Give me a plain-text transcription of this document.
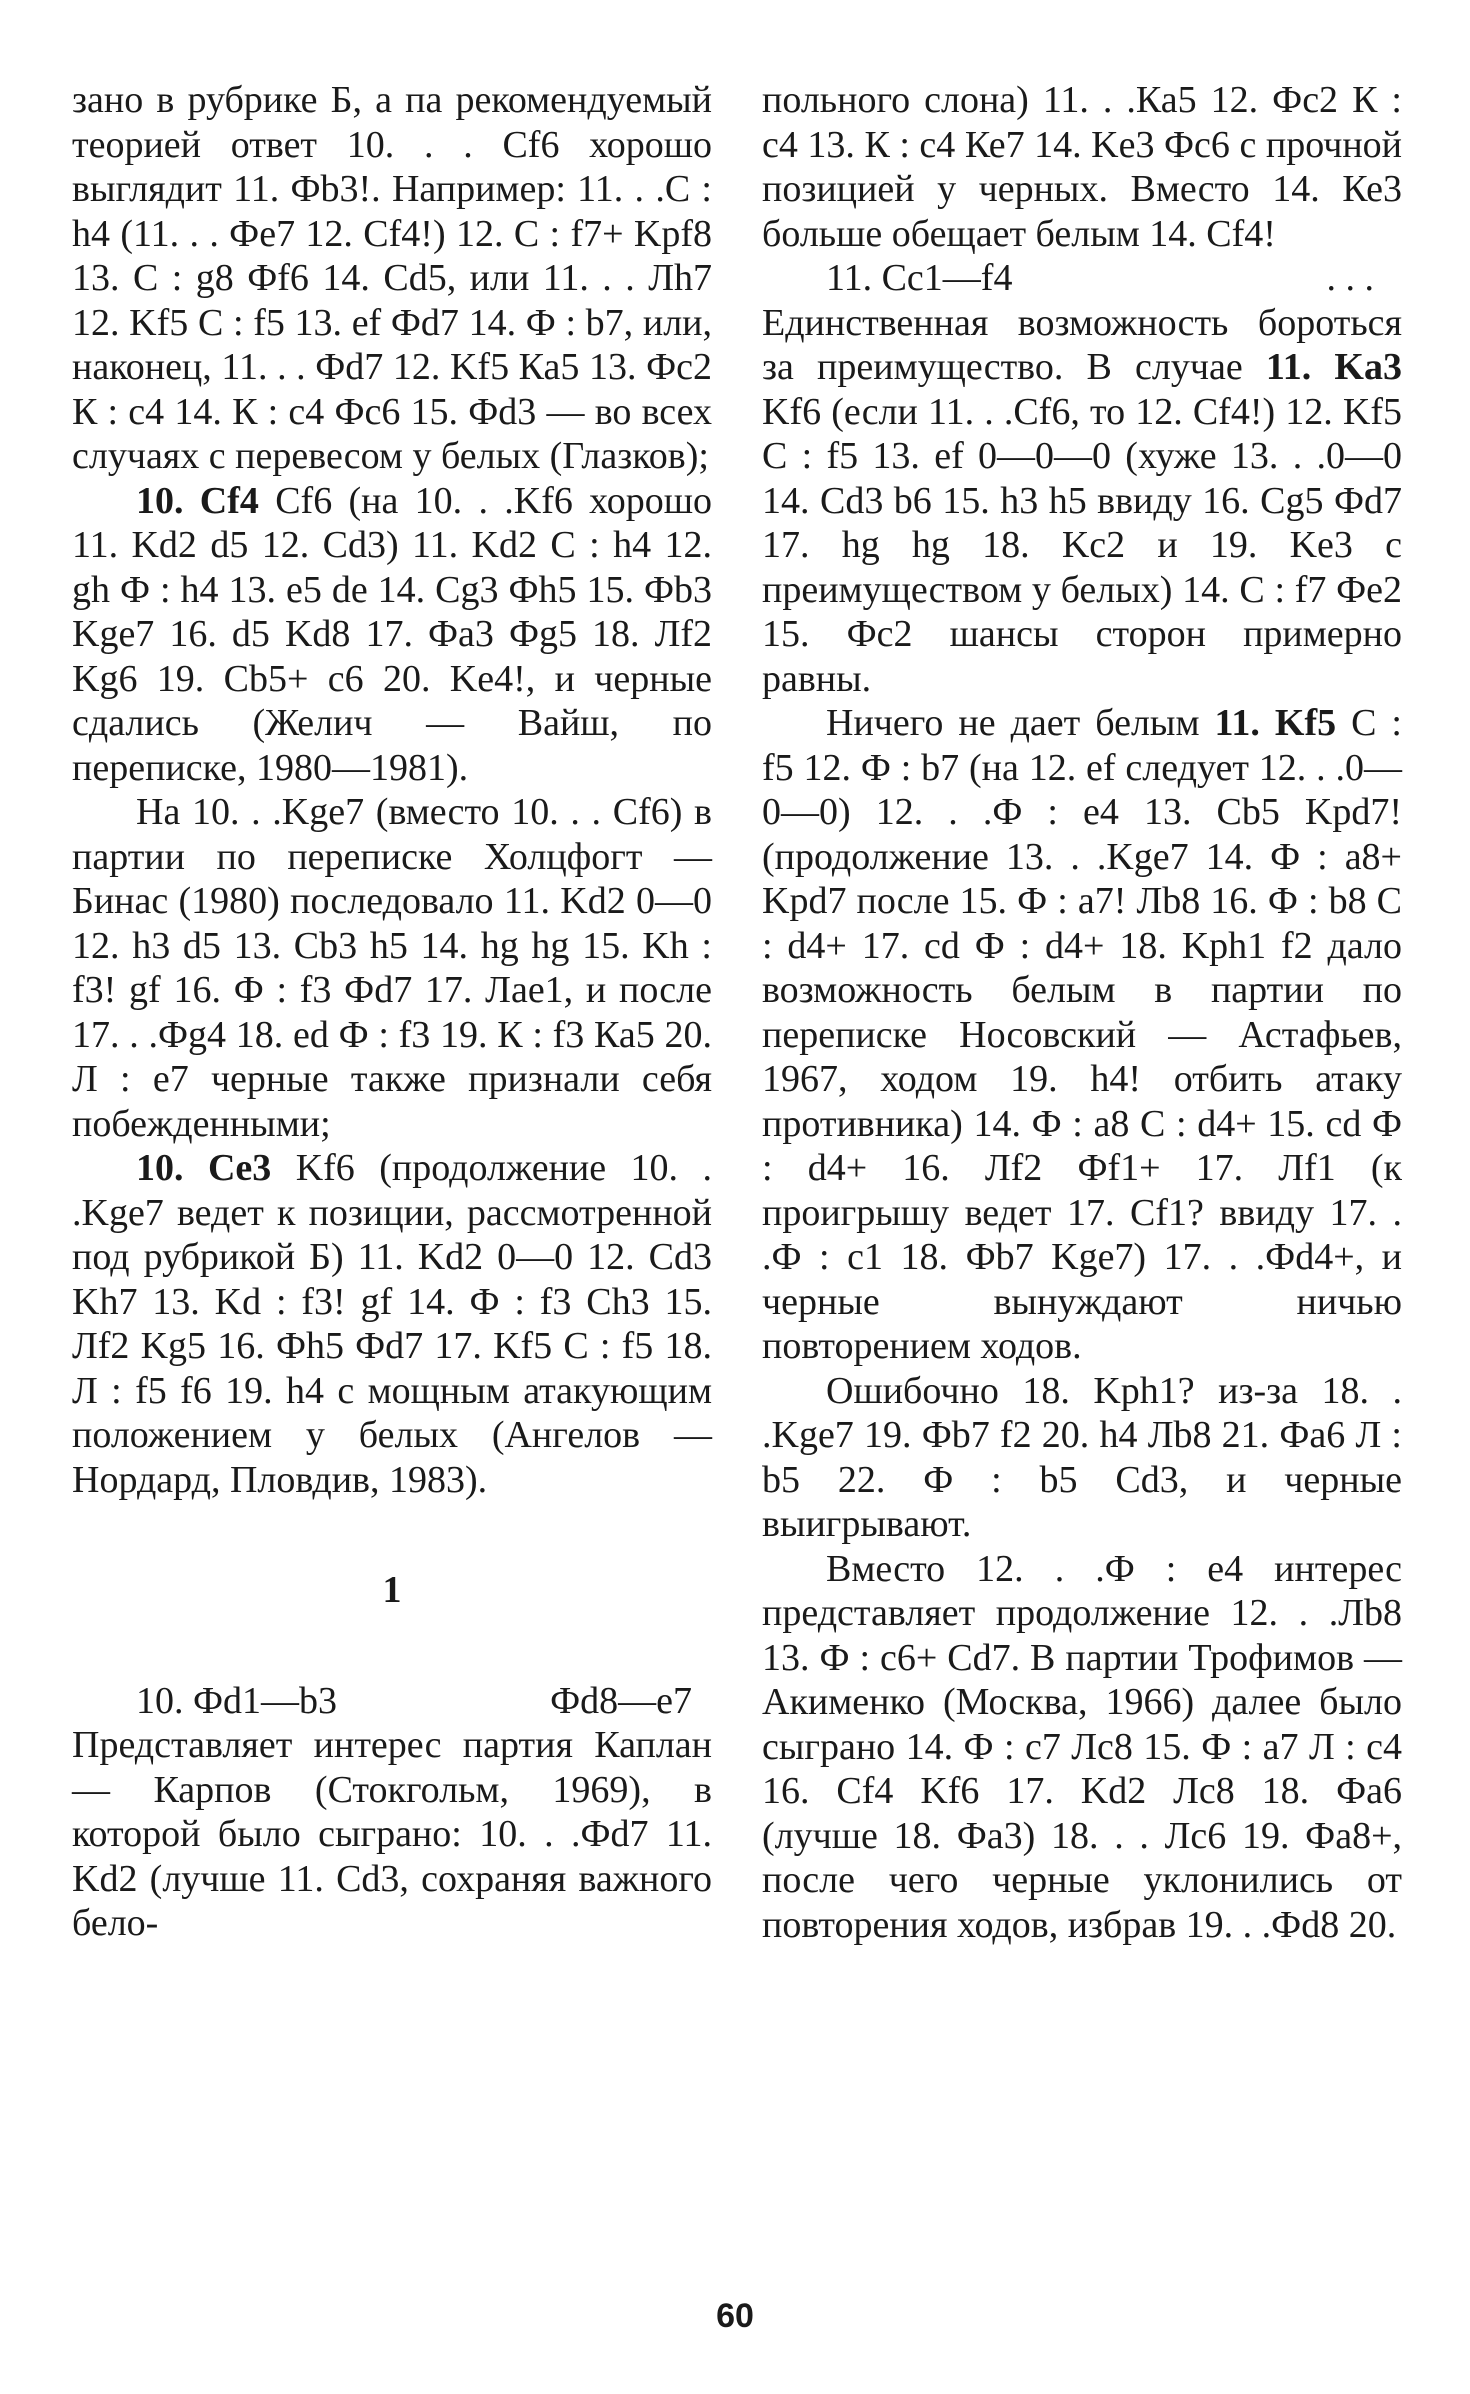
зано в рубрике Б, а па рекомендуемый теорией ответ 10. . . Cf6 хорошо выглядит 11. Фb3!. Например: 11. . .С : h4 (11. . . Фе7 12. Cf4!) 12. С : f7+ Kpf8 13. С : g8 Фf6 14. Cd5, или 11. . . Лh7 12. Kf5 С : f5 13. ef Фd7 14. Ф : b7, или, наконец, 11. . . Фd7 12. Kf5 Ка5 13. Фс2 К : с4 14. К : с4 Фс6 15. Фd3 — во всех случаях с перевесом у белых (Глазков);

10. Cf4 Cf6 (на 10. . .Kf6 хорошо 11. Kd2 d5 12. Cd3) 11. Kd2 С : h4 12. gh Ф : h4 13. e5 de 14. Cg3 Фh5 15. Фb3 Kge7 16. d5 Kd8 17. Фа3 Фg5 18. Лf2 Kg6 19. Cb5+ c6 20. Ke4!, и черные сдались (Желич — Вайш, по переписке, 1980—1981).

На 10. . .Kge7 (вместо 10. . . Cf6) в партии по переписке Холцфогт — Бинас (1980) последовало 11. Kd2 0—0 12. h3 d5 13. Cb3 h5 14. hg hg 15. Kh : f3! gf 16. Ф : f3 Фd7 17. Лае1, и после 17. . .Фg4 18. ed Ф : f3 19. К : f3 Ка5 20. Л : е7 черные также признали себя побежденными;

10. Ce3 Kf6 (продолжение 10. . .Kge7 ведет к позиции, рассмотренной под рубрикой Б) 11. Kd2 0—0 12. Cd3 Kh7 13. Kd : f3! gf 14. Ф : f3 Ch3 15. Лf2 Kg5 16. Фh5 Фd7 17. Kf5 С : f5 18. Л : f5 f6 19. h4 с мощным атакующим положением у белых (Ангелов — Нордард, Пловдив, 1983).

1

10. Фd1—b3	Фd8—e7

Представляет интерес партия Каплан — Карпов (Стокгольм, 1969), в которой было сыграно: 10. . .Фd7 11. Kd2 (лучше 11. Cd3, сохраняя важного бело-

польного слона) 11. . .Ка5 12. Фс2 К : с4 13. К : с4 Ке7 14. Ke3 Фс6 с прочной позицией у черных. Вместо 14. Ке3 больше обещает белым 14. Cf4!

11. Cc1—f4	. . .

Единственная возможность бороться за преимущество. В случае 11. Ka3 Kf6 (если 11. . .Cf6, то 12. Cf4!) 12. Kf5 С : f5 13. ef 0—0—0 (хуже 13. . .0—0 14. Cd3 b6 15. h3 h5 ввиду 16. Cg5 Фd7 17. hg hg 18. Kc2 и 19. Ke3 с преимуществом у белых) 14. С : f7 Фе2 15. Фс2 шансы сторон примерно равны.

Ничего не дает белым 11. Kf5 С : f5 12. Ф : b7 (на 12. ef следует 12. . .0—0—0) 12. . .Ф : е4 13. Cb5 Kpd7! (продолжение 13. . .Kge7 14. Ф : а8+ Kpd7 после 15. Ф : а7! Лb8 16. Ф : b8 С : d4+ 17. cd Ф : d4+ 18. Kph1 f2 дало возможность белым в партии по переписке Носовский — Астафьев, 1967, ходом 19. h4! отбить атаку противника) 14. Ф : а8 С : d4+ 15. cd Ф : d4+ 16. Лf2 Фf1+ 17. Лf1 (к проигрышу ведет 17. Cf1? ввиду 17. . .Ф : с1 18. Фb7 Kge7) 17. . .Фd4+, и черные вынуждают ничью повторением ходов.

Ошибочно 18. Kph1? из-за 18. . .Kge7 19. Фb7 f2 20. h4 Лb8 21. Фа6 Л : b5 22. Ф : b5 Cd3, и черные выигрывают.

Вместо 12. . .Ф : е4 интерес представляет продолжение 12. . .Лb8 13. Ф : с6+ Cd7. В партии Трофимов — Акименко (Москва, 1966) далее было сыграно 14. Ф : с7 Лс8 15. Ф : а7 Л : с4 16. Cf4 Kf6 17. Kd2 Лс8 18. Фа6 (лучше 18. Фа3) 18. . . Лс6 19. Фа8+, после чего черные уклонились от повторения ходов, избрав 19. . .Фd8 20.

60
